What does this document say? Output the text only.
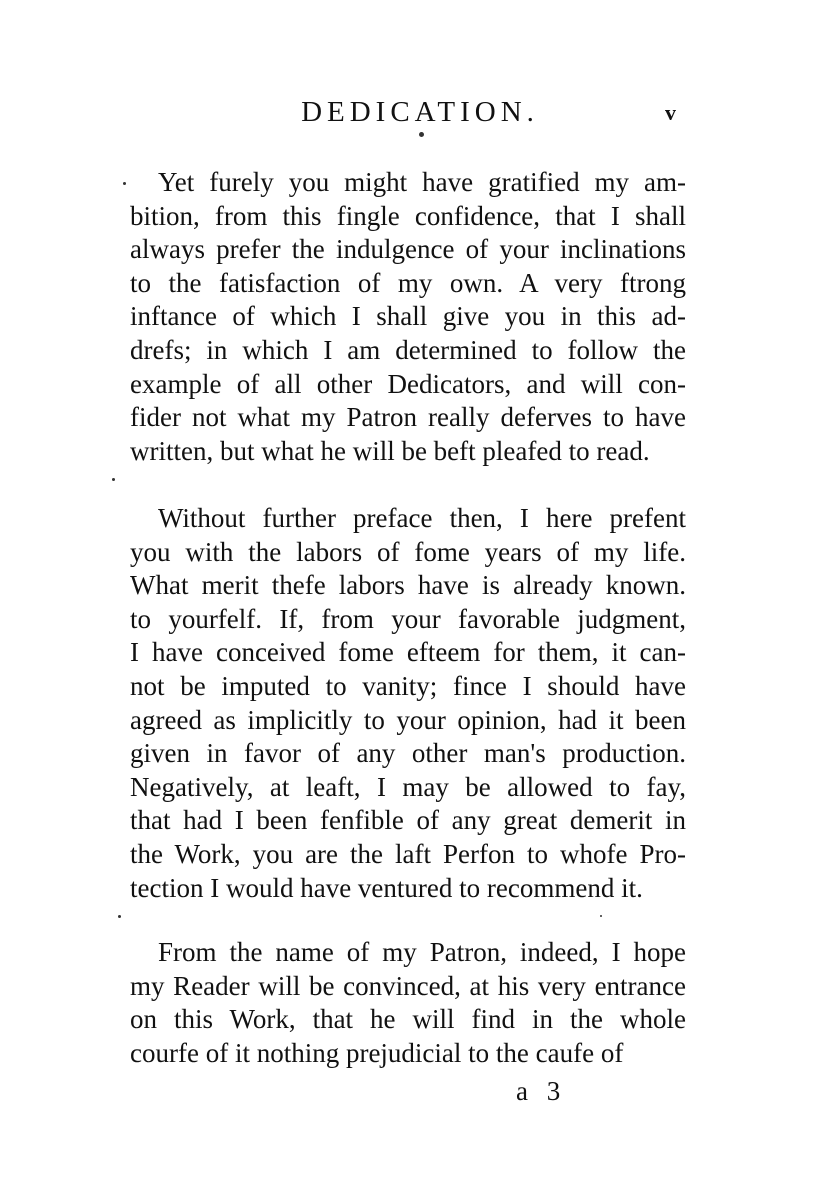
DEDICATION.	v
Yet furely you might have gratified my am-
bition, from this fingle confidence, that I shall
always prefer the indulgence of your inclinations
to the fatisfaction of my own. A very ftrong
inftance of which I shall give you in this ad-
drefs; in which I am determined to follow the
example of all other Dedicators, and will con-
fider not what my Patron really deferves to have
written, but what he will be beft pleafed to read.
Without further preface then, I here prefent
you with the labors of fome years of my life.
What merit thefe labors have is already known.
to yourfelf. If, from your favorable judgment,
I have conceived fome efteem for them, it can-
not be imputed to vanity; fince I should have
agreed as implicitly to your opinion, had it been
given in favor of any other man's production.
Negatively, at leaft, I may be allowed to fay,
that had I been fenfible of any great demerit in
the Work, you are the laft Perfon to whofe Pro-
tection I would have ventured to recommend it.
From the name of my Patron, indeed, I hope
my Reader will be convinced, at his very entrance
on this Work, that he will find in the whole
courfe of it nothing prejudicial to the caufe of
a 3
